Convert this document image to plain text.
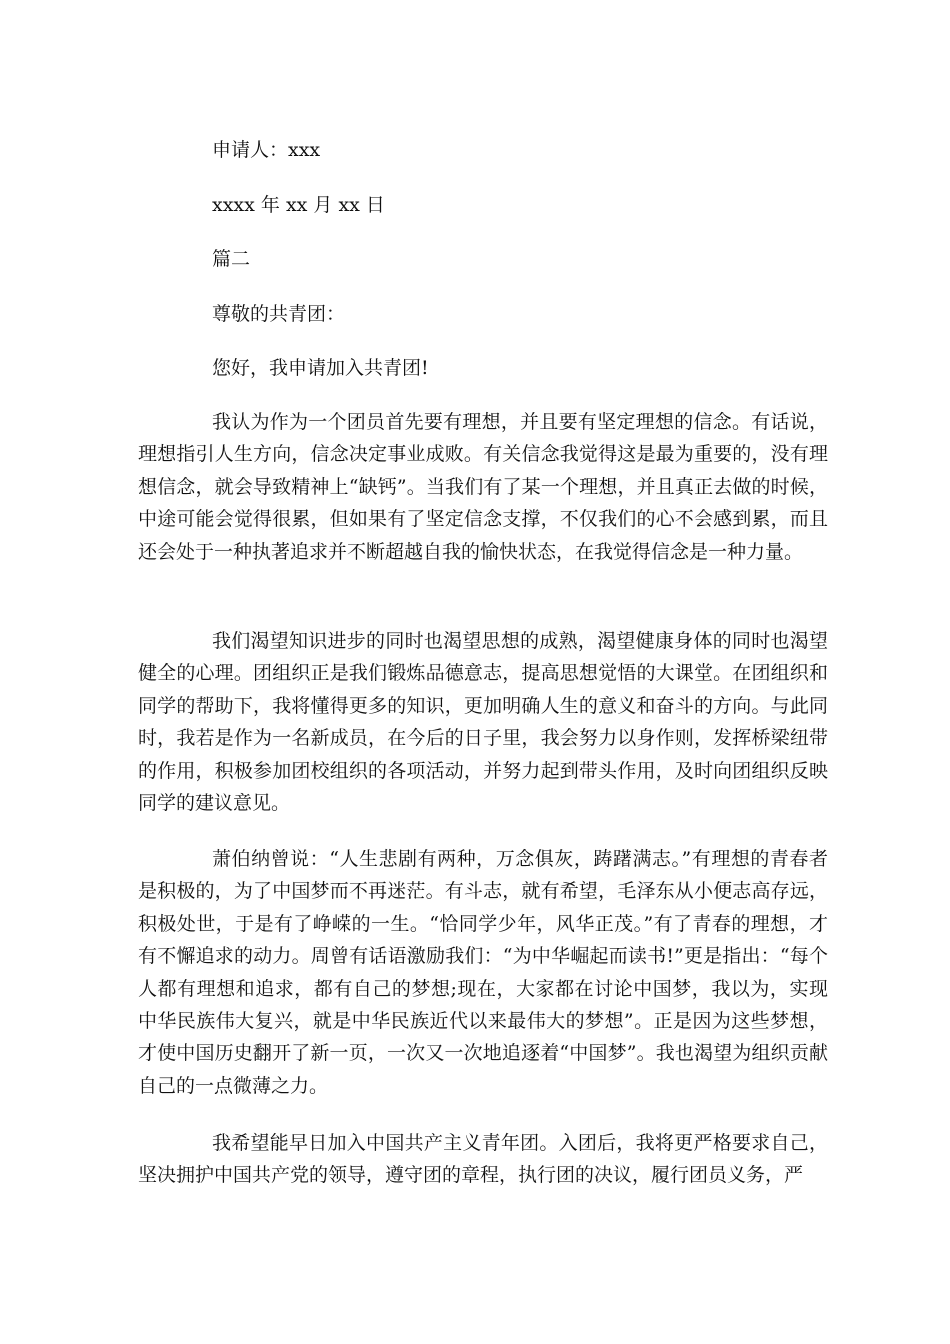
申请人：xxx
xxxx 年 xx 月 xx 日
篇二
尊敬的共青团：
您好，我申请加入共青团!

我认为作为一个团员首先要有理想，并且要有坚定理想的信念。有话说，理想指引人生方向，信念决定事业成败。有关信念我觉得这是最为重要的，没有理想信念，就会导致精神上“缺钙”。当我们有了某一个理想，并且真正去做的时候，中途可能会觉得很累，但如果有了坚定信念支撑，不仅我们的心不会感到累，而且还会处于一种执著追求并不断超越自我的愉快状态，在我觉得信念是一种力量。

我们渴望知识进步的同时也渴望思想的成熟，渴望健康身体的同时也渴望健全的心理。团组织正是我们锻炼品德意志，提高思想觉悟的大课堂。在团组织和同学的帮助下，我将懂得更多的知识，更加明确人生的意义和奋斗的方向。与此同时，我若是作为一名新成员，在今后的日子里，我会努力以身作则，发挥桥梁纽带的作用，积极参加团校组织的各项活动，并努力起到带头作用，及时向团组织反映同学的建议意见。

萧伯纳曾说：“人生悲剧有两种，万念俱灰，踌躇满志。”有理想的青春者是积极的，为了中国梦而不再迷茫。有斗志，就有希望，毛泽东从小便志高存远，积极处世，于是有了峥嵘的一生。“恰同学少年，风华正茂。”有了青春的理想，才有不懈追求的动力。周曾有话语激励我们：“为中华崛起而读书!”更是指出：“每个人都有理想和追求，都有自己的梦想;现在，大家都在讨论中国梦，我以为，实现中华民族伟大复兴，就是中华民族近代以来最伟大的梦想”。正是因为这些梦想，才使中国历史翻开了新一页，一次又一次地追逐着“中国梦”。我也渴望为组织贡献自己的一点微薄之力。

我希望能早日加入中国共产主义青年团。入团后，我将更严格要求自己，坚决拥护中国共产党的领导，遵守团的章程，执行团的决议，履行团员义务，严
